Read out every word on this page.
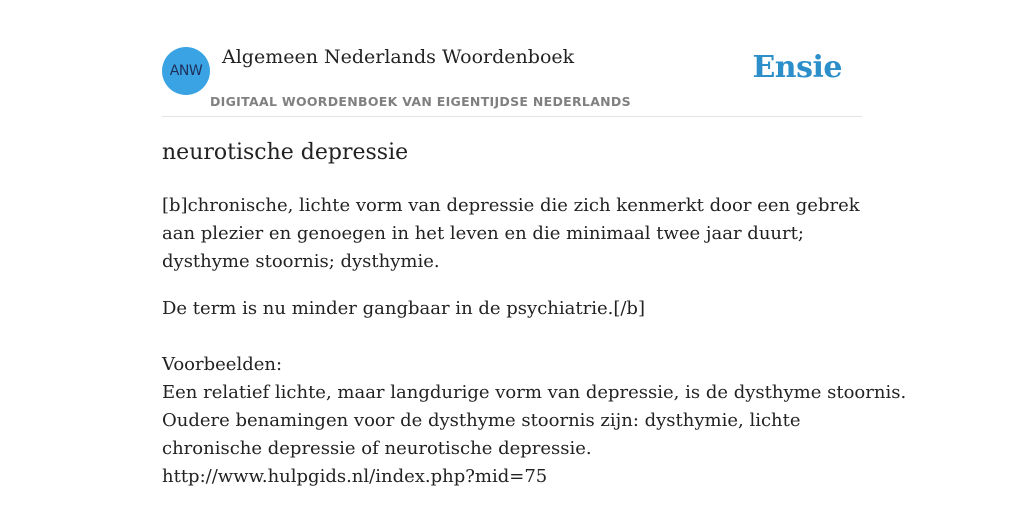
ANW
Algemeen Nederlands Woordenboek
DIGITAAL WOORDENBOEK VAN EIGENTIJDSE NEDERLANDS
Ensie
neurotische depressie

[b]chronische, lichte vorm van depressie die zich kenmerkt door een gebrek aan plezier en genoegen in het leven en die minimaal twee jaar duurt; dysthyme stoornis; dysthymie.

De term is nu minder gangbaar in de psychiatrie.[/b]

Voorbeelden:
Een relatief lichte, maar langdurige vorm van depressie, is de dysthyme stoornis.
Oudere benamingen voor de dysthyme stoornis zijn: dysthymie, lichte chronische depressie of neurotische depressie.
http://www.hulpgids.nl/index.php?mid=75
